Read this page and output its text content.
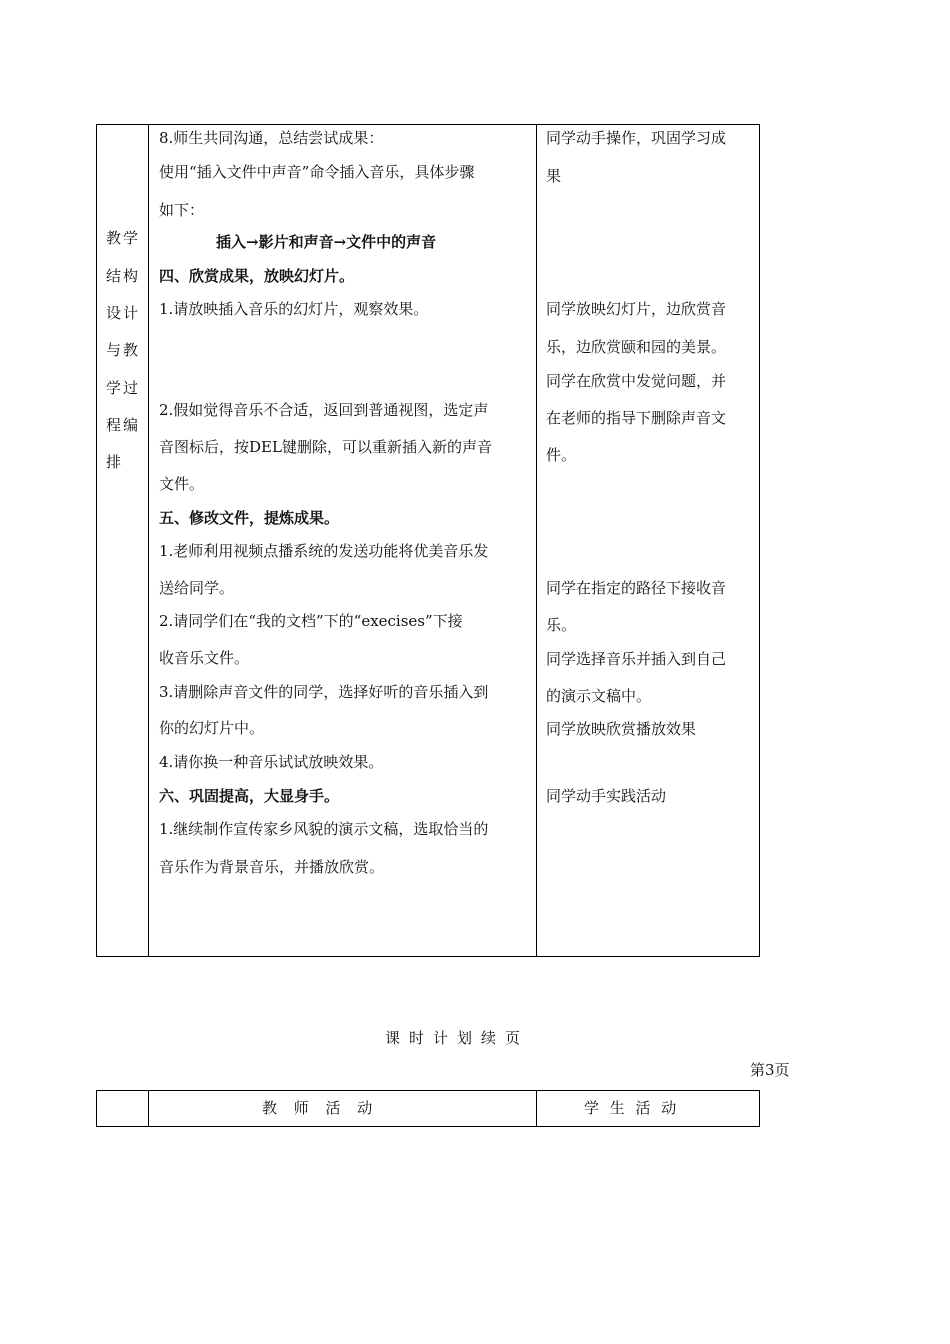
教学
结构
设计
与教
学过
程编
排
8.师生共同沟通，总结尝试成果：
使用“插入文件中声音”命令插入音乐，具体步骤
如下：
插入→影片和声音→文件中的声音
四、欣赏成果，放映幻灯片。
1.请放映插入音乐的幻灯片，观察效果。
2.假如觉得音乐不合适，返回到普通视图，选定声
音图标后，按DEL键删除，可以重新插入新的声音
文件。
五、修改文件，提炼成果。
1.老师利用视频点播系统的发送功能将优美音乐发
送给同学。
2.请同学们在“我的文档”下的“execises”下接
收音乐文件。
3.请删除声音文件的同学，选择好听的音乐插入到
你的幻灯片中。
4.请你换一种音乐试试放映效果。
六、巩固提高，大显身手。
1.继续制作宣传家乡风貌的演示文稿，选取恰当的
音乐作为背景音乐，并播放欣赏。
同学动手操作，巩固学习成
果
同学放映幻灯片，边欣赏音
乐，边欣赏颐和园的美景。
同学在欣赏中发觉问题，并
在老师的指导下删除声音文
件。
同学在指定的路径下接收音
乐。
同学选择音乐并插入到自己
的演示文稿中。
同学放映欣赏播放效果
同学动手实践活动
课时计划续页
第3页
教 师 活 动	学 生 活 动
